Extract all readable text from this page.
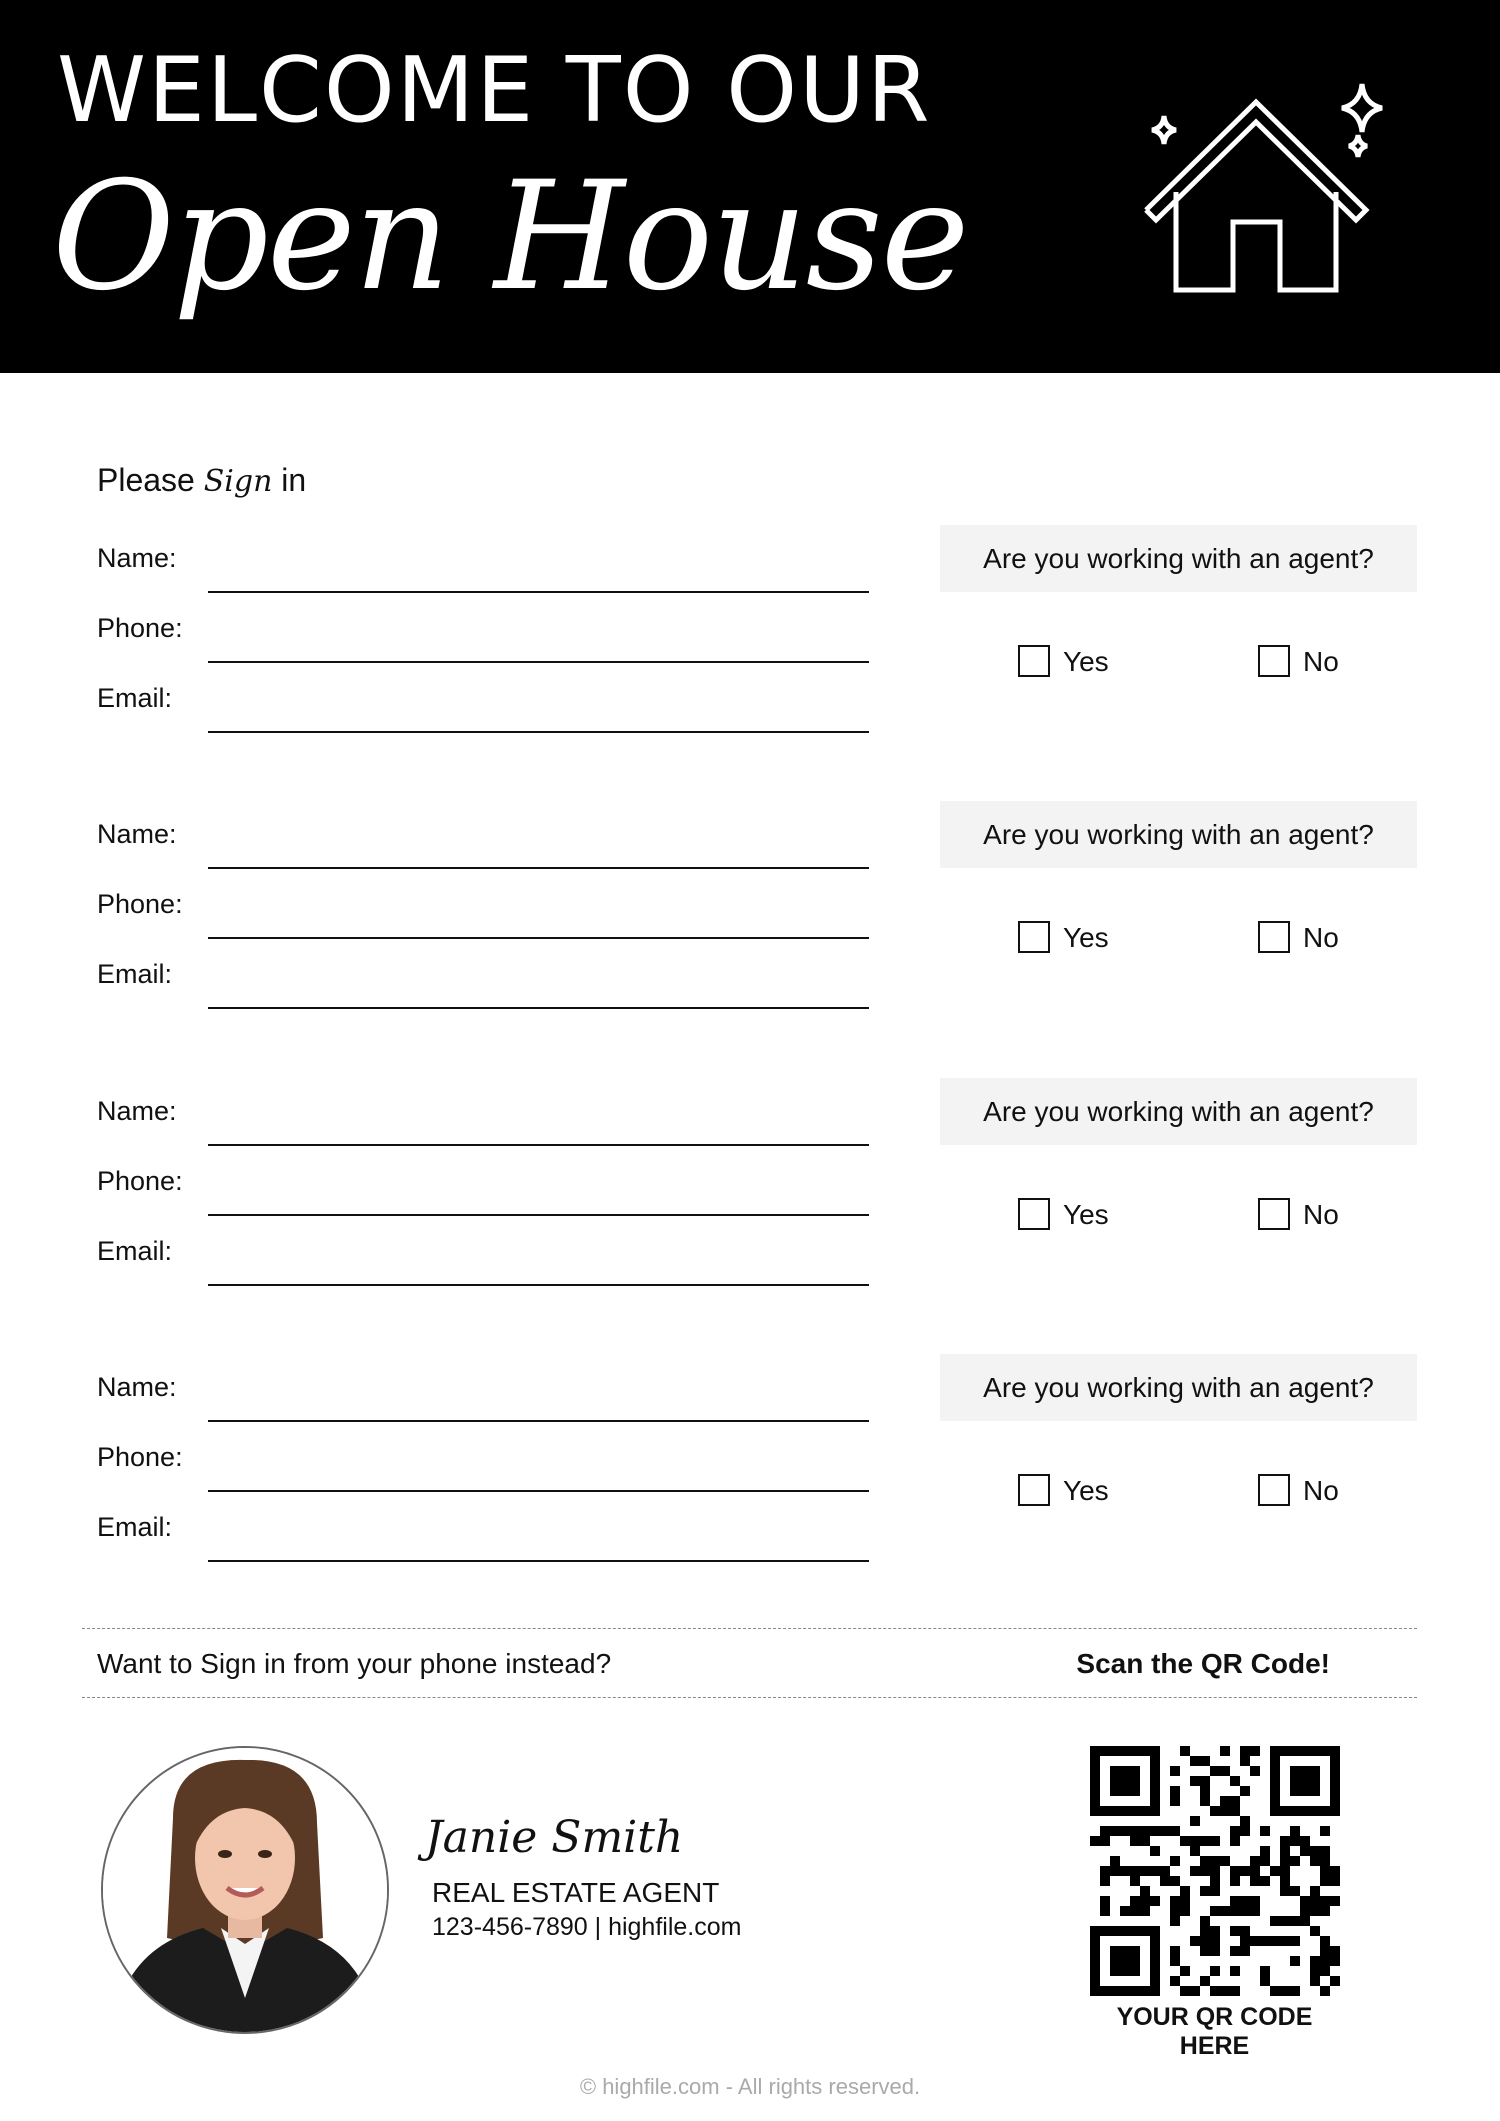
WELCOME TO OUR
Open House
Please Sign in
Name:
Phone:
Email:
Are you working with an agent?
Yes	No
Name:
Phone:
Email:
Are you working with an agent?
Yes	No
Name:
Phone:
Email:
Are you working with an agent?
Yes	No
Name:
Phone:
Email:
Are you working with an agent?
Yes	No
Want to Sign in from your phone instead?	Scan the QR Code!
Janie Smith
REAL ESTATE AGENT
123-456-7890 | highfile.com
YOUR QR CODE HERE
© highfile.com - All rights reserved.
